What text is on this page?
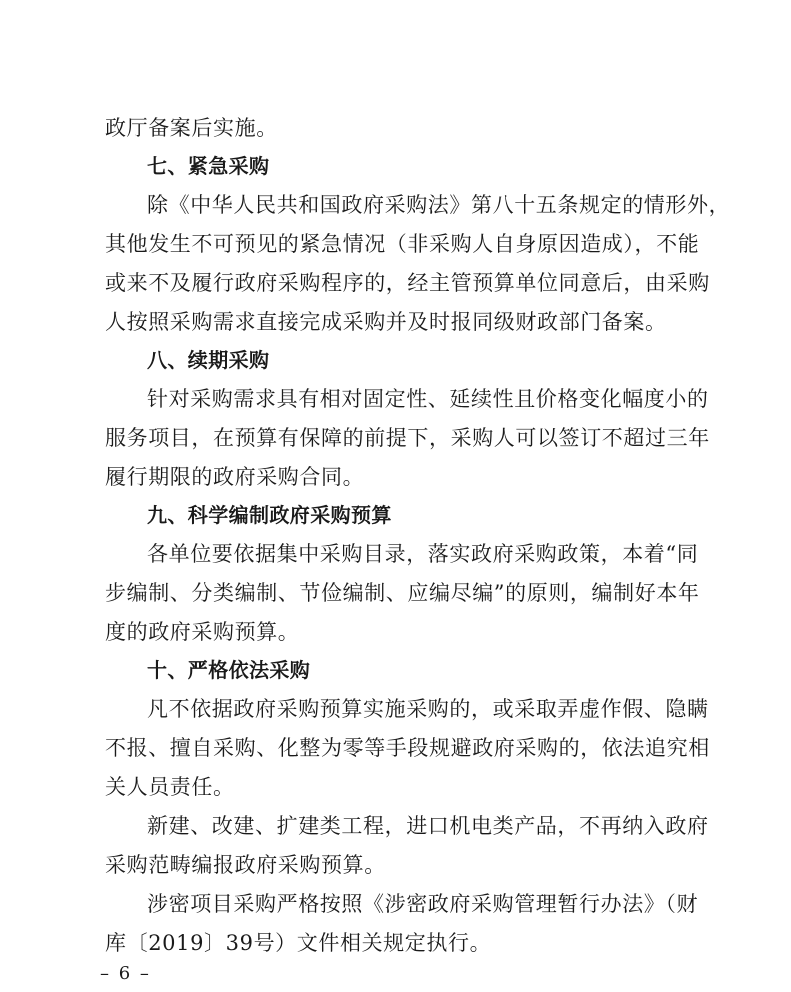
政厅备案后实施。
七、紧急采购
除《中华人民共和国政府采购法》第八十五条规定的情形外，
其他发生不可预见的紧急情况（非采购人自身原因造成），不能
或来不及履行政府采购程序的，经主管预算单位同意后，由采购
人按照采购需求直接完成采购并及时报同级财政部门备案。
八、续期采购
针对采购需求具有相对固定性、延续性且价格变化幅度小的
服务项目，在预算有保障的前提下，采购人可以签订不超过三年
履行期限的政府采购合同。
九、科学编制政府采购预算
各单位要依据集中采购目录，落实政府采购政策，本着“同
步编制、分类编制、节俭编制、应编尽编”的原则，编制好本年
度的政府采购预算。
十、严格依法采购
凡不依据政府采购预算实施采购的，或采取弄虚作假、隐瞒
不报、擅自采购、化整为零等手段规避政府采购的，依法追究相
关人员责任。
新建、改建、扩建类工程，进口机电类产品，不再纳入政府
采购范畴编报政府采购预算。
涉密项目采购严格按照《涉密政府采购管理暂行办法》（财
库〔2019〕39号）文件相关规定执行。
– 6 –
